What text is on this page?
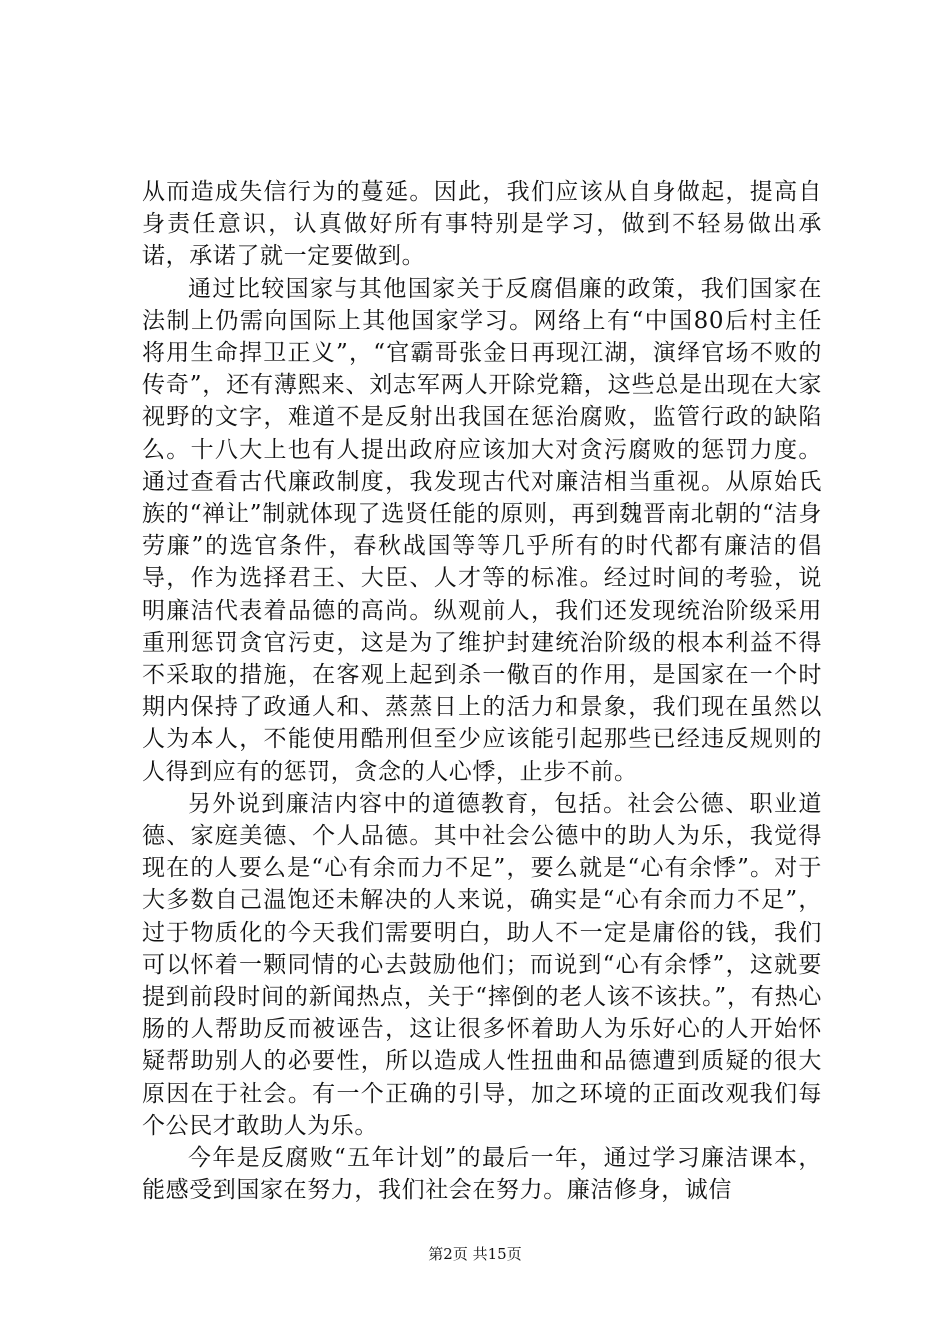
从而造成失信行为的蔓延。因此，我们应该从自身做起，提高自身责任意识，认真做好所有事特别是学习，做到不轻易做出承诺，承诺了就一定要做到。

通过比较国家与其他国家关于反腐倡廉的政策，我们国家在法制上仍需向国际上其他国家学习。网络上有“中国80后村主任将用生命捍卫正义”，“官霸哥张金日再现江湖，演绎官场不败的传奇”，还有薄熙来、刘志军两人开除党籍，这些总是出现在大家视野的文字，难道不是反射出我国在惩治腐败，监管行政的缺陷么。十八大上也有人提出政府应该加大对贪污腐败的惩罚力度。通过查看古代廉政制度，我发现古代对廉洁相当重视。从原始氏族的“禅让”制就体现了选贤任能的原则，再到魏晋南北朝的“洁身劳廉”的选官条件，春秋战国等等几乎所有的时代都有廉洁的倡导，作为选择君王、大臣、人才等的标准。经过时间的考验，说明廉洁代表着品德的高尚。纵观前人，我们还发现统治阶级采用重刑惩罚贪官污吏，这是为了维护封建统治阶级的根本利益不得不采取的措施，在客观上起到杀一儆百的作用，是国家在一个时期内保持了政通人和、蒸蒸日上的活力和景象，我们现在虽然以人为本人，不能使用酷刑但至少应该能引起那些已经违反规则的人得到应有的惩罚，贪念的人心悸，止步不前。

另外说到廉洁内容中的道德教育，包括。社会公德、职业道德、家庭美德、个人品德。其中社会公德中的助人为乐，我觉得现在的人要么是“心有余而力不足”，要么就是“心有余悸”。对于大多数自己温饱还未解决的人来说，确实是“心有余而力不足”，过于物质化的今天我们需要明白，助人不一定是庸俗的钱，我们可以怀着一颗同情的心去鼓励他们；而说到“心有余悸”，这就要提到前段时间的新闻热点，关于“摔倒的老人该不该扶。”，有热心肠的人帮助反而被诬告，这让很多怀着助人为乐好心的人开始怀疑帮助别人的必要性，所以造成人性扭曲和品德遭到质疑的很大原因在于社会。有一个正确的引导，加之环境的正面改观我们每个公民才敢助人为乐。

今年是反腐败“五年计划”的最后一年，通过学习廉洁课本，能感受到国家在努力，我们社会在努力。廉洁修身，诚信

第2页 共15页
